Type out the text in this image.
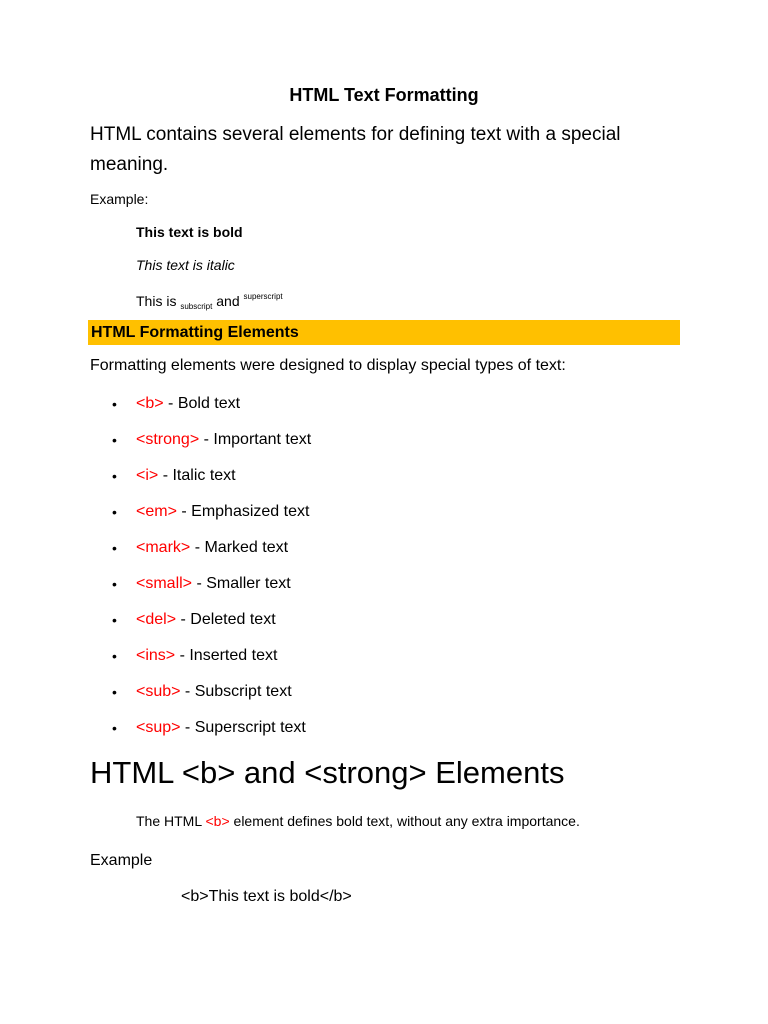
HTML Text Formatting
HTML contains several elements for defining text with a special meaning.
Example:
This text is bold
This text is italic
This is $_{subscript}$ and $^{superscript}$
HTML Formatting Elements
Formatting elements were designed to display special types of text:
• <b> - Bold text
• <strong> - Important text
• <i> - Italic text
• <em> - Emphasized text
• <mark> - Marked text
• <small> - Smaller text
• <del> - Deleted text
• <ins> - Inserted text
• <sub> - Subscript text
• <sup> - Superscript text
HTML <b> and <strong> Elements
The HTML <b> element defines bold text, without any extra importance.
Example
<b>This text is bold</b>
